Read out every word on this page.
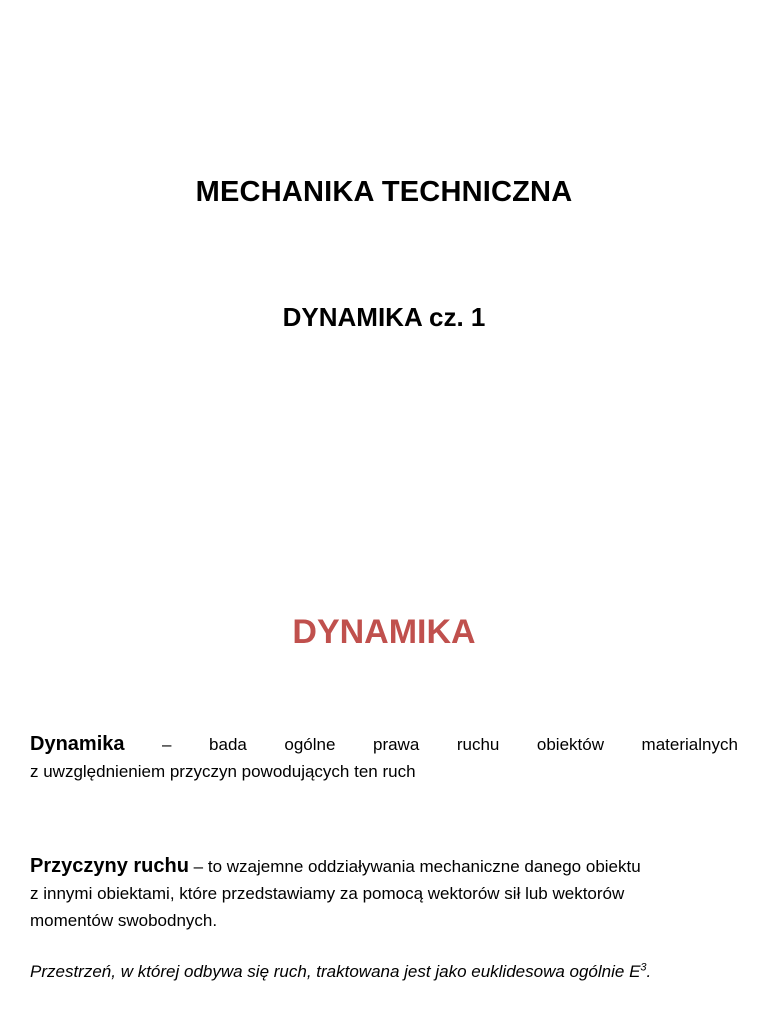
MECHANIKA TECHNICZNA
DYNAMIKA cz. 1
DYNAMIKA
Dynamika – bada ogólne prawa ruchu obiektów materialnych
z uwzględnieniem przyczyn powodujących ten ruch
Przyczyny ruchu – to wzajemne oddziaływania mechaniczne danego obiektu
z innymi obiektami, które przedstawiamy za pomocą wektorów sił lub wektorów
momentów swobodnych.
Przestrzeń, w której odbywa się ruch, traktowana jest jako euklidesowa ogólnie $E^3$.
